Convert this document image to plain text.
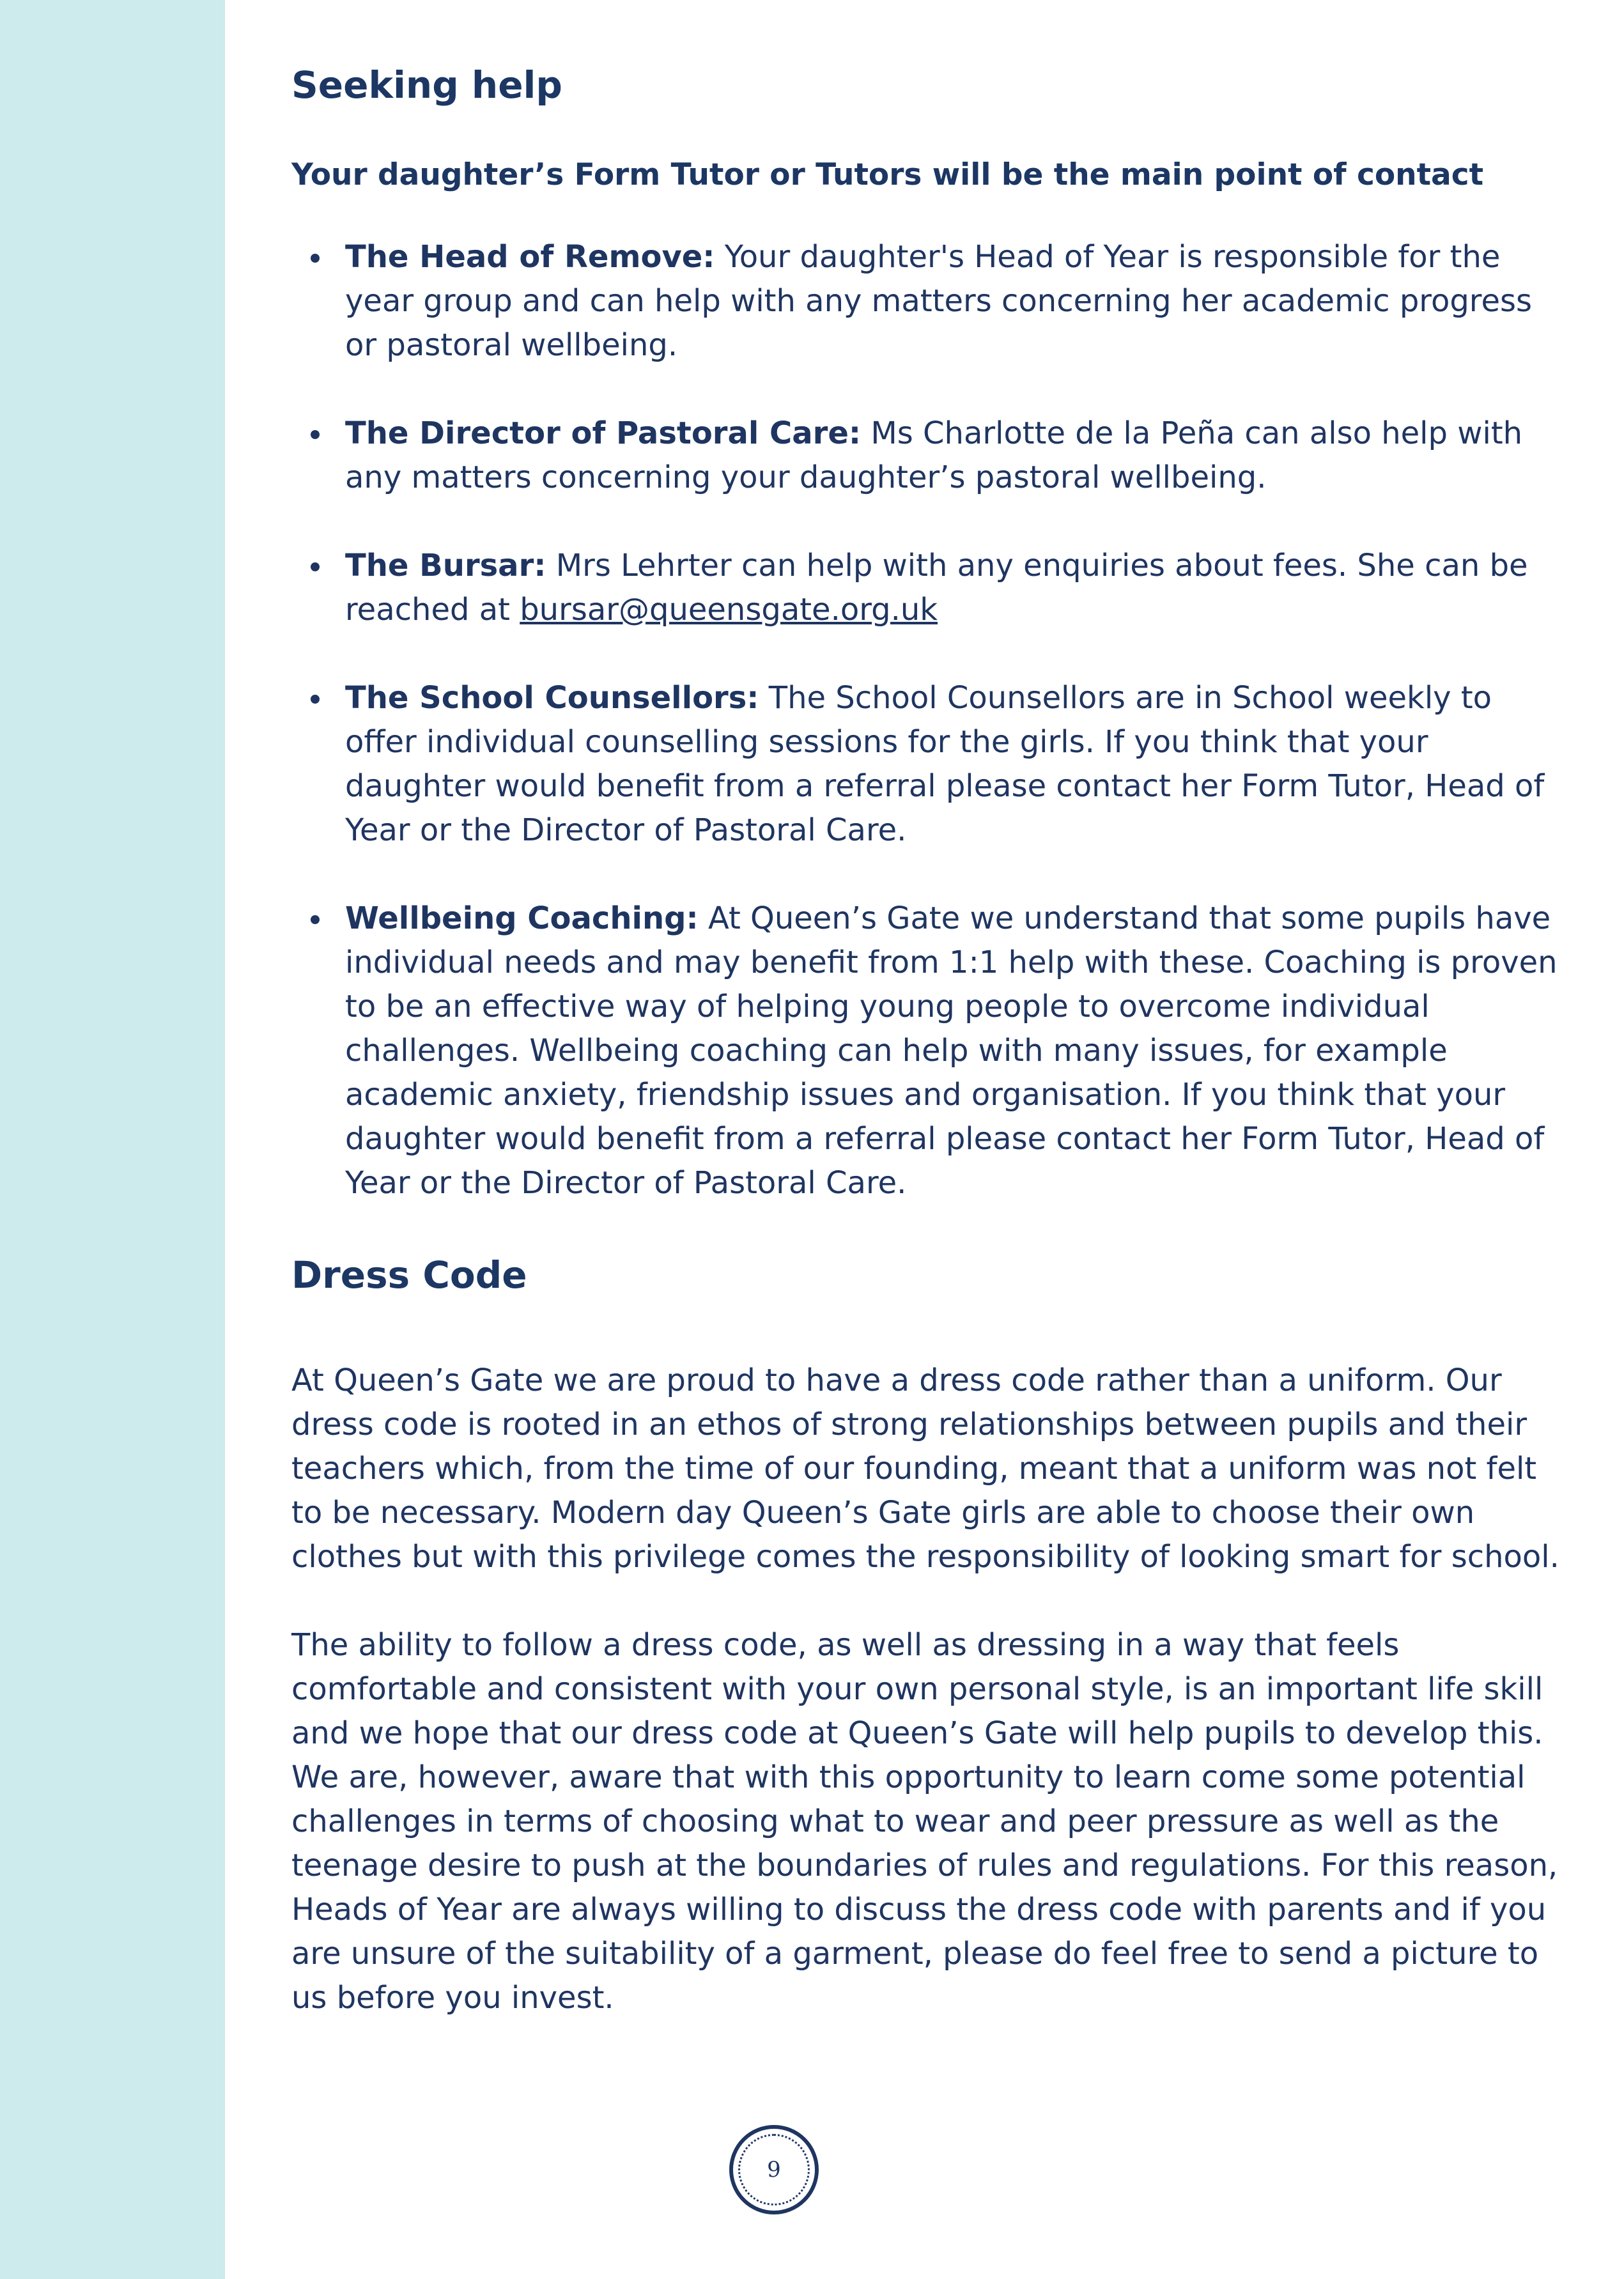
Seeking help

Your daughter’s Form Tutor or Tutors will be the main point of contact

The Head of Remove: Your daughter's Head of Year is responsible for the year group and can help with any matters concerning her academic progress or pastoral wellbeing.
The Director of Pastoral Care: Ms Charlotte de la Peña can also help with any matters concerning your daughter’s pastoral wellbeing.
The Bursar: Mrs Lehrter can help with any enquiries about fees. She can be reached at bursar@queensgate.org.uk
The School Counsellors: The School Counsellors are in School weekly to offer individual counselling sessions for the girls. If you think that your daughter would benefit from a referral please contact her Form Tutor, Head of Year or the Director of Pastoral Care.
Wellbeing Coaching: At Queen’s Gate we understand that some pupils have individual needs and may benefit from 1:1 help with these. Coaching is proven to be an effective way of helping young people to overcome individual challenges. Wellbeing coaching can help with many issues, for example academic anxiety, friendship issues and organisation. If you think that your daughter would benefit from a referral please contact her Form Tutor, Head of Year or the Director of Pastoral Care.
Dress Code

At Queen’s Gate we are proud to have a dress code rather than a uniform. Our dress code is rooted in an ethos of strong relationships between pupils and their teachers which, from the time of our founding, meant that a uniform was not felt to be necessary. Modern day Queen’s Gate girls are able to choose their own clothes but with this privilege comes the responsibility of looking smart for school.

The ability to follow a dress code, as well as dressing in a way that feels comfortable and consistent with your own personal style, is an important life skill and we hope that our dress code at Queen’s Gate will help pupils to develop this. We are, however, aware that with this opportunity to learn come some potential challenges in terms of choosing what to wear and peer pressure as well as the teenage desire to push at the boundaries of rules and regulations. For this reason, Heads of Year are always willing to discuss the dress code with parents and if you are unsure of the suitability of a garment, please do feel free to send a picture to us before you invest.

9
